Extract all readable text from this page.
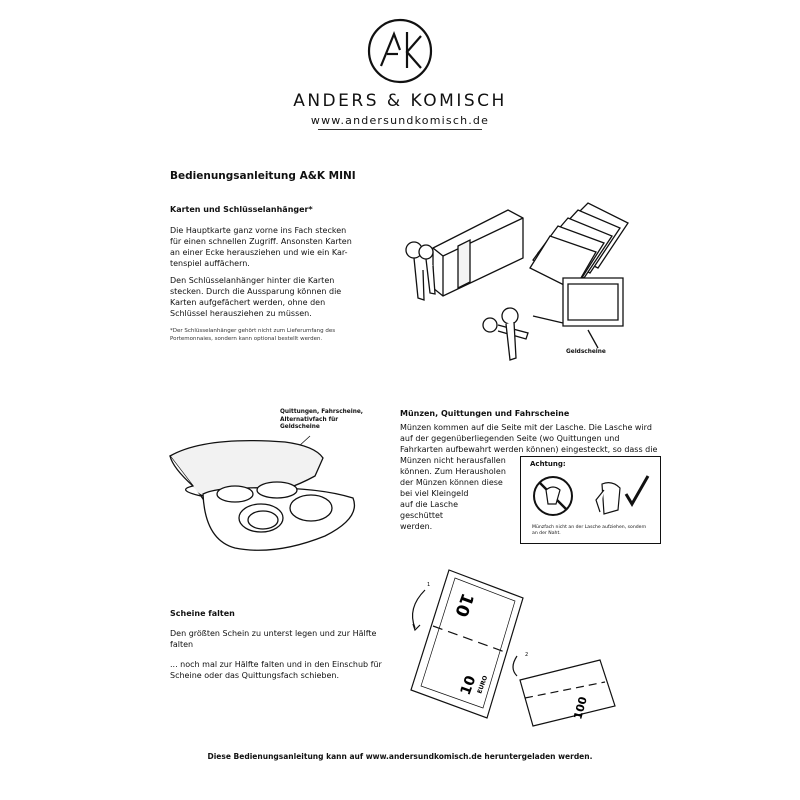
ANDERS & KOMISCH
www.andersundkomisch.de
Bedienungsanleitung A&K MINI
Karten und Schlüsselanhänger*
Die Hauptkarte ganz vorne ins Fach stecken
für einen schnellen Zugriff. Ansonsten Karten
an einer Ecke herausziehen und wie ein Kar-
tenspiel auffächern.
Den Schlüsselanhänger hinter die Karten
stecken. Durch die Aussparung können die
Karten aufgefächert werden, ohne den
Schlüssel herausziehen zu müssen.
*Der Schlüsselanhänger gehört nicht zum Lieferumfang des
Portemonnaies, sondern kann optional bestellt werden.
Geldscheine
Quittungen, Fahrscheine,
Alternativfach für
Geldscheine
Münzen, Quittungen und Fahrscheine
Münzen kommen auf die Seite mit der Lasche. Die Lasche wird
auf der gegenüberliegenden Seite (wo Quittungen und
Fahrkarten aufbewahrt werden können) eingesteckt, so dass die
Münzen nicht herausfallen
können. Zum Herausholen
der Münzen können diese
bei viel Kleingeld
auf die Lasche
geschüttet
werden.
Achtung:
Münzfach nicht an der Lasche aufziehen, sondern
an der Naht.
Scheine falten
Den größten Schein zu unterst legen und zur Hälfte
falten
... noch mal zur Hälfte falten und in den Einschub für
Scheine oder das Quittungsfach schieben.
10
10
EURO
100
1
2
Diese Bedienungsanleitung kann auf www.andersundkomisch.de heruntergeladen werden.
